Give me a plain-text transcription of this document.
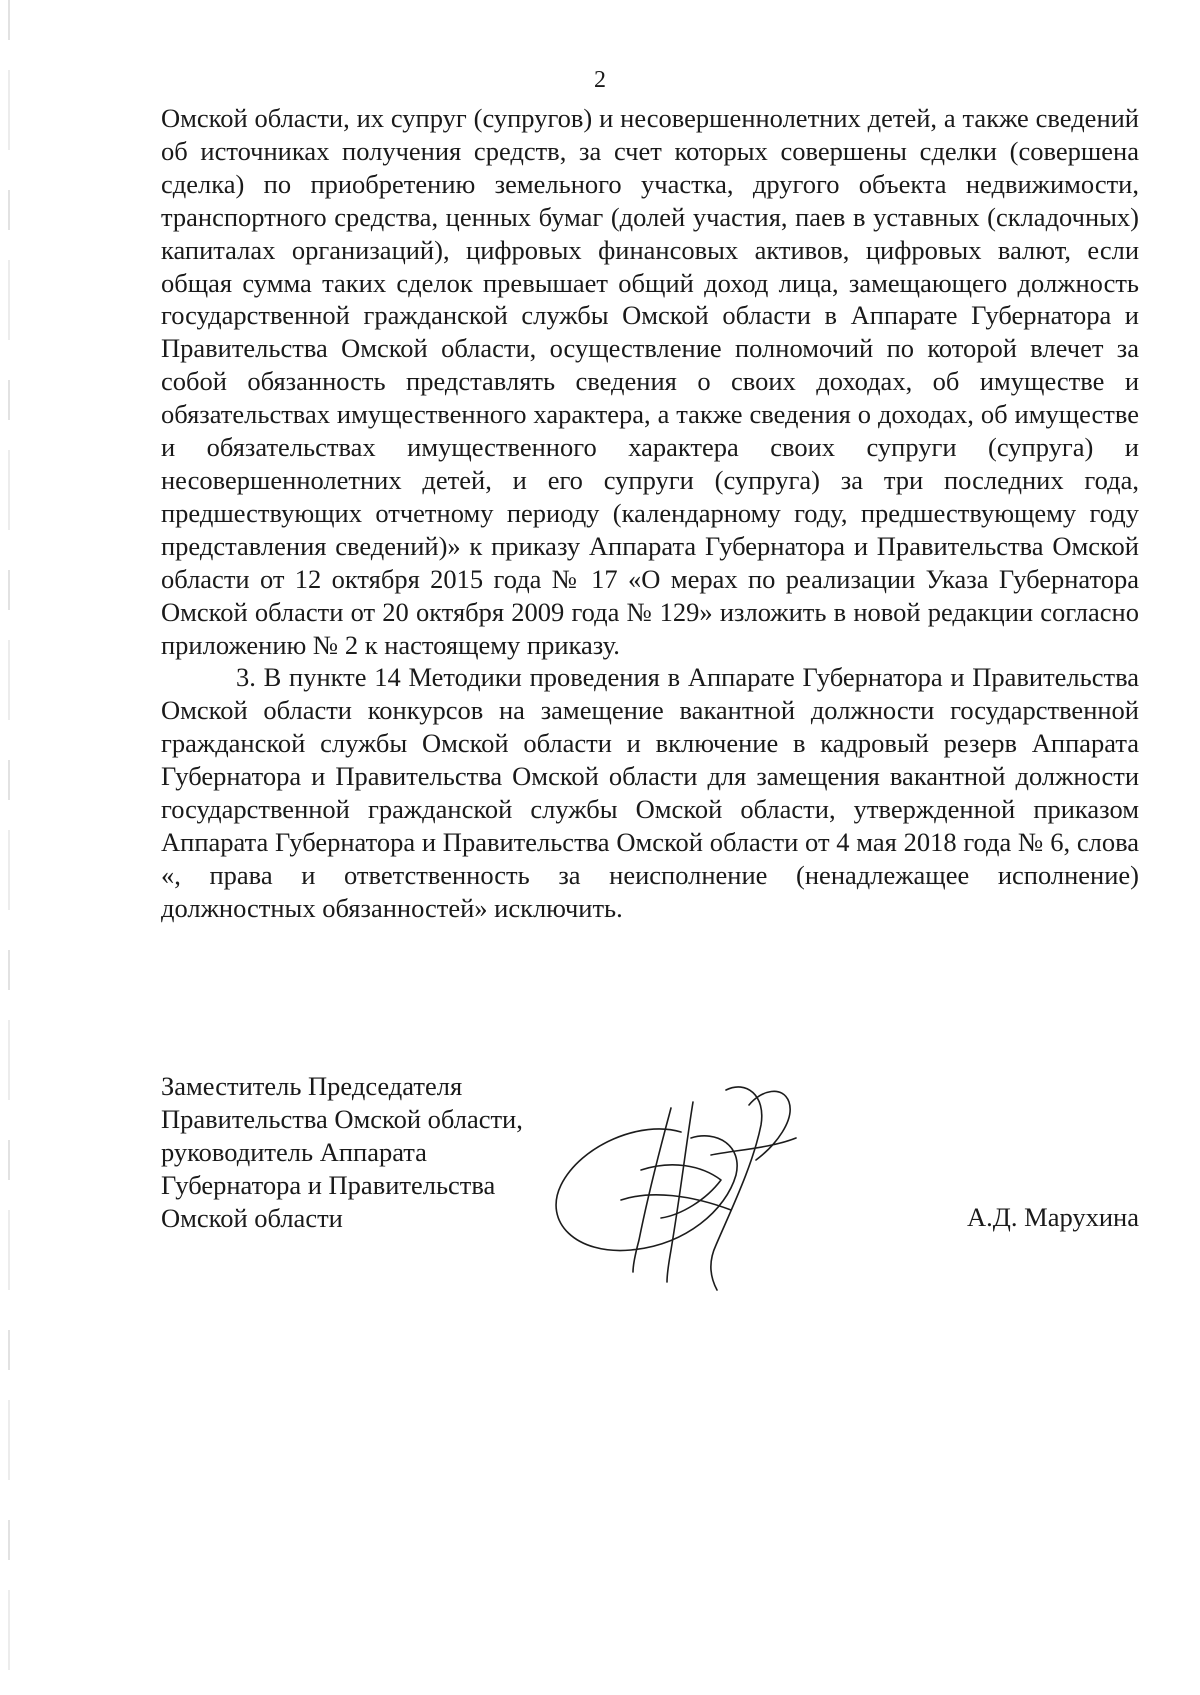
2

Омской области, их супруг (супругов) и несовершеннолетних детей, а также сведений об источниках получения средств, за счет которых совершены сделки (совершена сделка) по приобретению земельного участка, другого объекта недвижимости, транспортного средства, ценных бумаг (долей участия, паев в уставных (складочных) капиталах организаций), цифровых финансовых активов, цифровых валют, если общая сумма таких сделок превышает общий доход лица, замещающего должность государственной гражданской службы Омской области в Аппарате Губернатора и Правительства Омской области, осуществление полномочий по которой влечет за собой обязанность представлять сведения о своих доходах, об имуществе и обязательствах имущественного характера, а также сведения о доходах, об имуществе и обязательствах имущественного характера своих супруги (супруга) и несовершеннолетних детей, и его супруги (супруга) за три последних года, предшествующих отчетному периоду (календарному году, предшествующему году представления сведений)» к приказу Аппарата Губернатора и Правительства Омской области от 12 октября 2015 года № 17 «О мерах по реализации Указа Губернатора Омской области от 20 октября 2009 года № 129» изложить в новой редакции согласно приложению № 2 к настоящему приказу.

3. В пункте 14 Методики проведения в Аппарате Губернатора и Правительства Омской области конкурсов на замещение вакантной должности государственной гражданской службы Омской области и включение в кадровый резерв Аппарата Губернатора и Правительства Омской области для замещения вакантной должности государственной гражданской службы Омской области, утвержденной приказом Аппарата Губернатора и Правительства Омской области от 4 мая 2018 года № 6, слова «, права и ответственность за неисполнение (ненадлежащее исполнение) должностных обязанностей» исключить.

Заместитель Председателя
Правительства Омской области,
руководитель Аппарата
Губернатора и Правительства
Омской области	А.Д. Марухина
